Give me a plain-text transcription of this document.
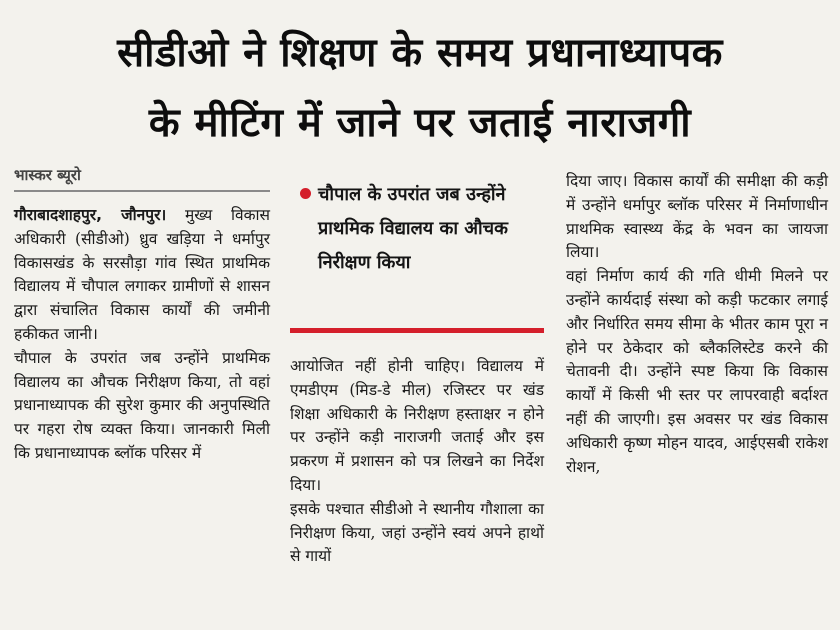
सीडीओ ने शिक्षण के समय प्रधानाध्यापक
के मीटिंग में जाने पर जताई नाराजगी
भास्कर ब्यूरो

गौराबादशाहपुर, जौनपुर। मुख्य विकास अधिकारी (सीडीओ) ध्रुव खड़िया ने धर्मापुर विकासखंड के सरसौड़ा गांव स्थित प्राथमिक विद्यालय में चौपाल लगाकर ग्रामीणों से शासन द्वारा संचालित विकास कार्यों की जमीनी हकीकत जानी।

चौपाल के उपरांत जब उन्होंने प्राथमिक विद्यालय का औचक निरीक्षण किया, तो वहां प्रधानाध्यापक की सुरेश कुमार की अनुपस्थिति पर गहरा रोष व्यक्त किया। जानकारी मिली कि प्रधानाध्यापक ब्लॉक परिसर में

चौपाल के उपरांत जब उन्होंने प्राथमिक विद्यालय का औचक निरीक्षण किया

आयोजित नहीं होनी चाहिए। विद्यालय में एमडीएम (मिड-डे मील) रजिस्टर पर खंड शिक्षा अधिकारी के निरीक्षण हस्ताक्षर न होने पर उन्होंने कड़ी नाराजगी जताई और इस प्रकरण में प्रशासन को पत्र लिखने का निर्देश दिया।

इसके पश्चात सीडीओ ने स्थानीय गौशाला का निरीक्षण किया, जहां उन्होंने स्वयं अपने हाथों से गायों

दिया जाए। विकास कार्यों की समीक्षा की कड़ी में उन्होंने धर्मापुर ब्लॉक परिसर में निर्माणाधीन प्राथमिक स्वास्थ्य केंद्र के भवन का जायजा लिया।

वहां निर्माण कार्य की गति धीमी मिलने पर उन्होंने कार्यदाई संस्था को कड़ी फटकार लगाई और निर्धारित समय सीमा के भीतर काम पूरा न होने पर ठेकेदार को ब्लैकलिस्टेड करने की चेतावनी दी। उन्होंने स्पष्ट किया कि विकास कार्यों में किसी भी स्तर पर लापरवाही बर्दाश्त नहीं की जाएगी। इस अवसर पर खंड विकास अधिकारी कृष्ण मोहन यादव, आईएसबी राकेश रोशन,
